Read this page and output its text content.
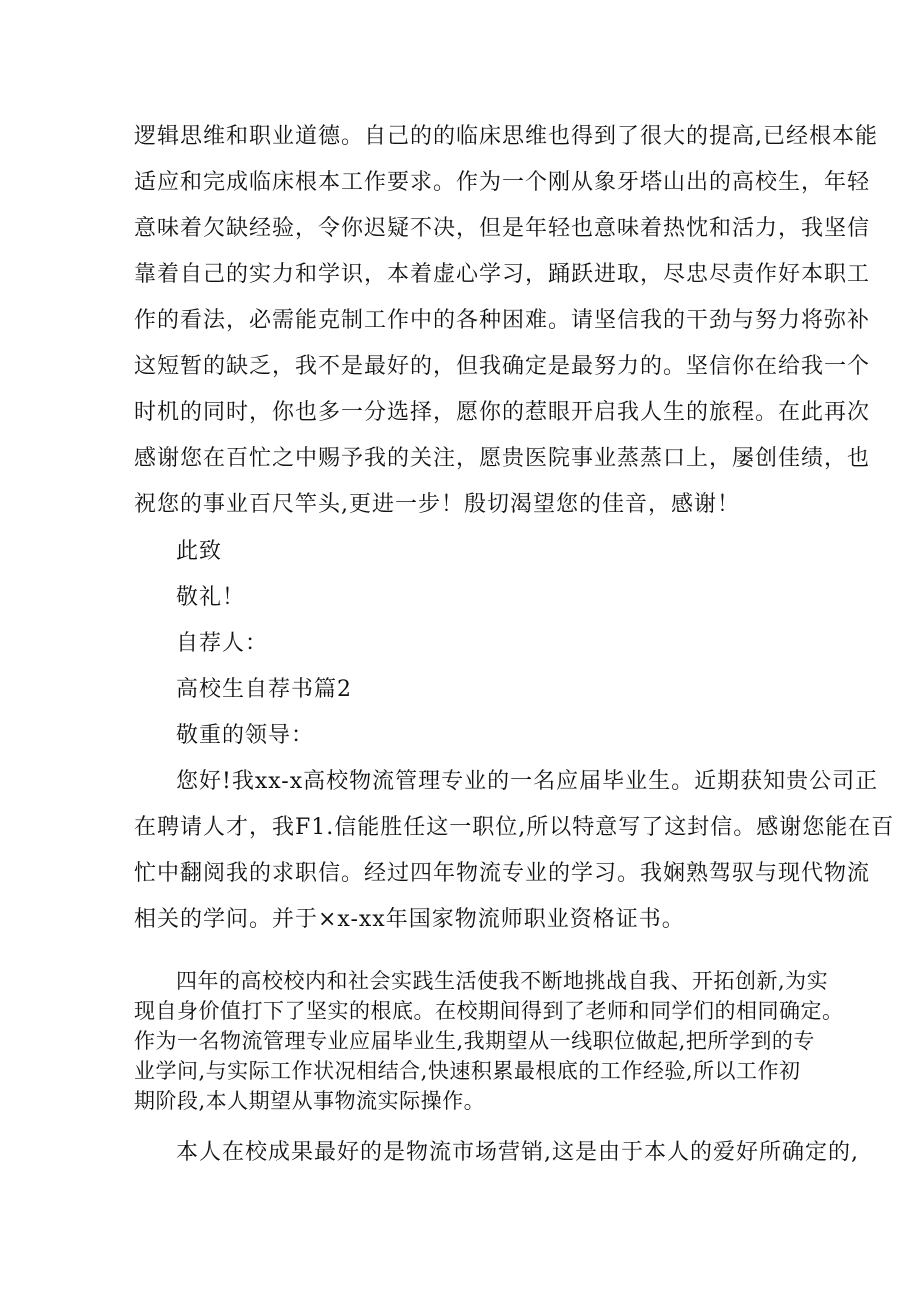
逻辑思维和职业道德。自己的的临床思维也得到了很大的提高,已经根本能
适应和完成临床根本工作要求。作为一个刚从象牙塔山出的高校生，年轻
意味着欠缺经验，令你迟疑不决，但是年轻也意味着热忱和活力，我坚信
靠着自己的实力和学识，本着虚心学习，踊跃进取，尽忠尽责作好本职工
作的看法，必需能克制工作中的各种困难。请坚信我的干劲与努力将弥补
这短暂的缺乏，我不是最好的，但我确定是最努力的。坚信你在给我一个
时机的同时，你也多一分选择，愿你的惹眼开启我人生的旅程。在此再次
感谢您在百忙之中赐予我的关注，愿贵医院事业蒸蒸口上，屡创佳绩，也
祝您的事业百尺竿头,更进一步！殷切渴望您的佳音，感谢！
此致
敬礼！
自荐人：
高校生自荐书篇2
敬重的领导：
您好!我xx-x高校物流管理专业的一名应届毕业生。近期获知贵公司正
在聘请人才，我F1.信能胜任这一职位,所以特意写了这封信。感谢您能在百
忙中翻阅我的求职信。经过四年物流专业的学习。我娴熟驾驭与现代物流
相关的学问。并于×x-xx年国家物流师职业资格证书。
四年的高校校内和社会实践生活使我不断地挑战自我、开拓创新,为实
现自身价值打下了坚实的根底。在校期间得到了老师和同学们的相同确定。
作为一名物流管理专业应届毕业生,我期望从一线职位做起,把所学到的专
业学问,与实际工作状况相结合,快速积累最根底的工作经验,所以工作初
期阶段,本人期望从事物流实际操作。
本人在校成果最好的是物流市场营销,这是由于本人的爱好所确定的,
